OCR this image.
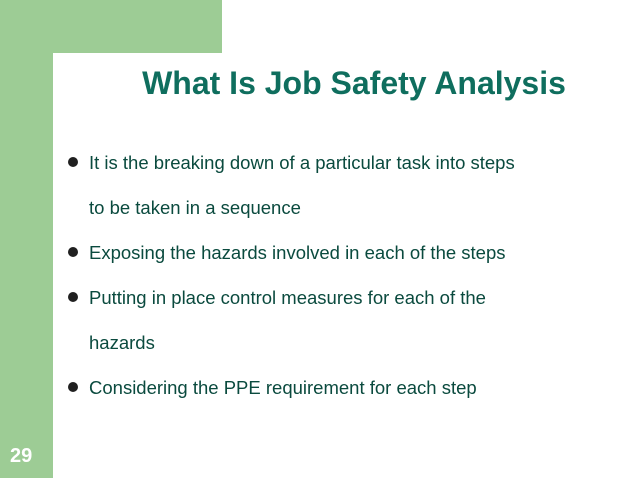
What Is Job Safety Analysis
It is the breaking down of a particular task into steps
to be taken in a sequence
Exposing the hazards involved in each of the steps
Putting in place control measures for each of the
hazards
Considering the PPE requirement for each step
29
